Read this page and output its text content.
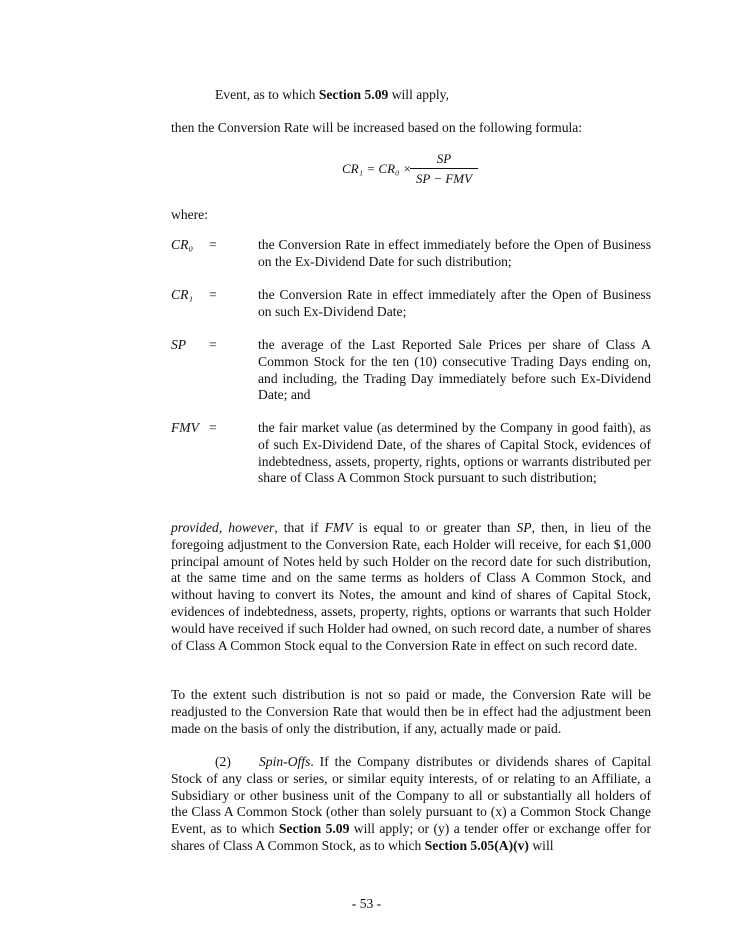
Event, as to which Section 5.09 will apply,
then the Conversion Rate will be increased based on the following formula:
CR₁ = CR₀ ×
SP
SP − FMV
where:
CR₀ =	the Conversion Rate in effect immediately before the Open of Business on the Ex-Dividend Date for such distribution;
CR₁ =	the Conversion Rate in effect immediately after the Open of Business on such Ex-Dividend Date;
SP =	the average of the Last Reported Sale Prices per share of Class A Common Stock for the ten (10) consecutive Trading Days ending on, and including, the Trading Day immediately before such Ex-Dividend Date; and
FMV =	the fair market value (as determined by the Company in good faith), as of such Ex-Dividend Date, of the shares of Capital Stock, evidences of indebtedness, assets, property, rights, options or warrants distributed per share of Class A Common Stock pursuant to such distribution;
provided, however, that if FMV is equal to or greater than SP, then, in lieu of the foregoing adjustment to the Conversion Rate, each Holder will receive, for each $1,000 principal amount of Notes held by such Holder on the record date for such distribution, at the same time and on the same terms as holders of Class A Common Stock, and without having to convert its Notes, the amount and kind of shares of Capital Stock, evidences of indebtedness, assets, property, rights, options or warrants that such Holder would have received if such Holder had owned, on such record date, a number of shares of Class A Common Stock equal to the Conversion Rate in effect on such record date.
To the extent such distribution is not so paid or made, the Conversion Rate will be readjusted to the Conversion Rate that would then be in effect had the adjustment been made on the basis of only the distribution, if any, actually made or paid.
(2) Spin-Offs. If the Company distributes or dividends shares of Capital Stock of any class or series, or similar equity interests, of or relating to an Affiliate, a Subsidiary or other business unit of the Company to all or substantially all holders of the Class A Common Stock (other than solely pursuant to (x) a Common Stock Change Event, as to which Section 5.09 will apply; or (y) a tender offer or exchange offer for shares of Class A Common Stock, as to which Section 5.05(A)(v) will
- 53 -
